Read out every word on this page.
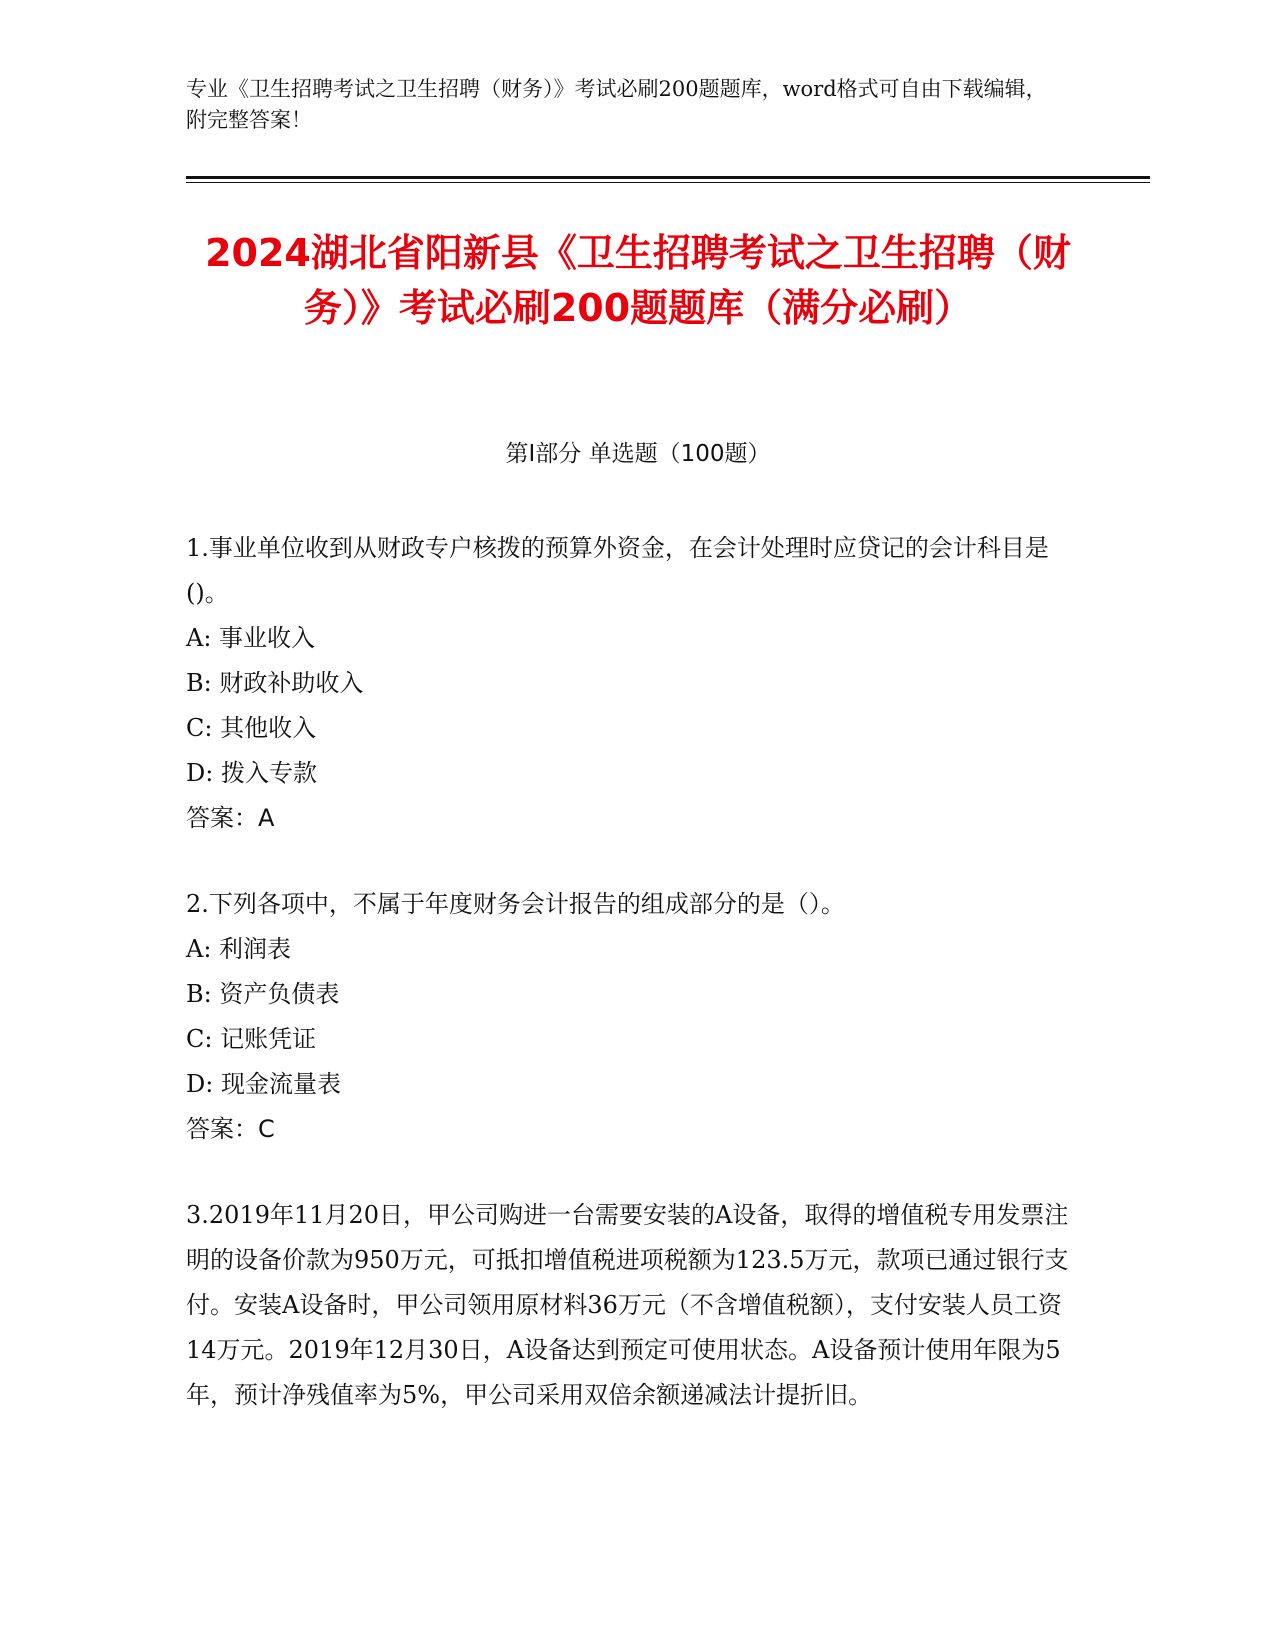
专业《卫生招聘考试之卫生招聘（财务）》考试必刷200题题库，word格式可自由下载编辑，附完整答案！
2024湖北省阳新县《卫生招聘考试之卫生招聘（财务）》考试必刷200题题库（满分必刷）
第I部分 单选题（100题）
1.事业单位收到从财政专户核拨的预算外资金，在会计处理时应贷记的会计科目是()。
A: 事业收入
B: 财政补助收入
C: 其他收入
D: 拨入专款
答案：A
2.下列各项中，不属于年度财务会计报告的组成部分的是（）。
A: 利润表
B: 资产负债表
C: 记账凭证
D: 现金流量表
答案：C
3.2019年11月20日，甲公司购进一台需要安装的A设备，取得的增值税专用发票注明的设备价款为950万元，可抵扣增值税进项税额为123.5万元，款项已通过银行支付。安装A设备时，甲公司领用原材料36万元（不含增值税额），支付安装人员工资14万元。2019年12月30日，A设备达到预定可使用状态。A设备预计使用年限为5年，预计净残值率为5%，甲公司采用双倍余额递减法计提折旧。
